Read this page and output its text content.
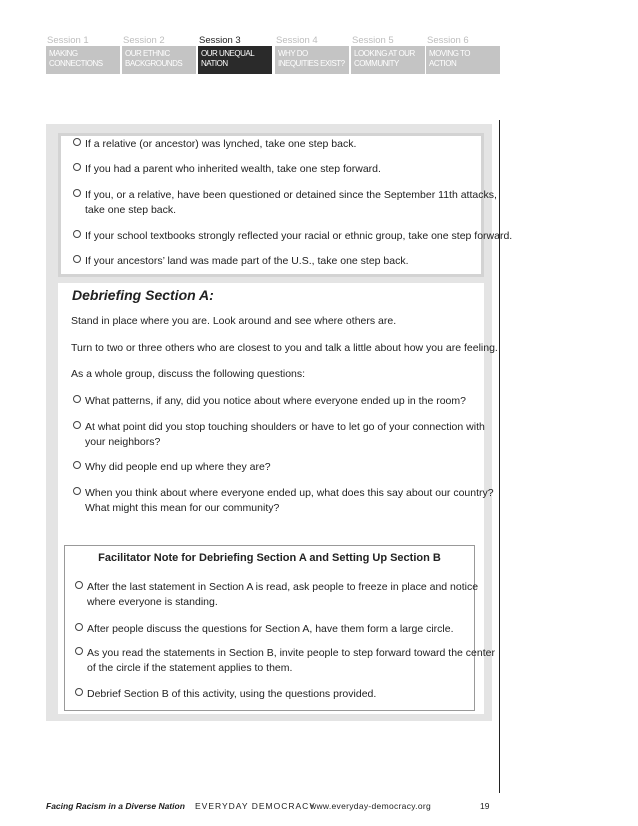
Session 1
MAKING CONNECTIONS
Session 2
OUR ETHNIC BACKGROUNDS
Session 3
OUR UNEQUAL NATION
Session 4
WHY DO INEQUITIES EXIST?
Session 5
LOOKING AT OUR COMMUNITY
Session 6
MOVING TO ACTION
If a relative (or ancestor) was lynched, take one step back.
If you had a parent who inherited wealth, take one step forward.
If you, or a relative, have been questioned or detained since the September 11th attacks,
take one step back.
If your school textbooks strongly reflected your racial or ethnic group, take one step forward.
If your ancestors’ land was made part of the U.S., take one step back.
Debriefing Section A:
Stand in place where you are. Look around and see where others are.
Turn to two or three others who are closest to you and talk a little about how you are feeling.
As a whole group, discuss the following questions:
What patterns, if any, did you notice about where everyone ended up in the room?
At what point did you stop touching shoulders or have to let go of your connection with
your neighbors?
Why did people end up where they are?
When you think about where everyone ended up, what does this say about our country?
What might this mean for our community?
Facilitator Note for Debriefing Section A and Setting Up Section B
After the last statement in Section A is read, ask people to freeze in place and notice
where everyone is standing.
After people discuss the questions for Section A, have them form a large circle.
As you read the statements in Section B, invite people to step forward toward the center
of the circle if the statement applies to them.
Debrief Section B of this activity, using the questions provided.
Facing Racism in a Diverse Nation EVERYDAY DEMOCRACY
www.everyday-democracy.org	19
